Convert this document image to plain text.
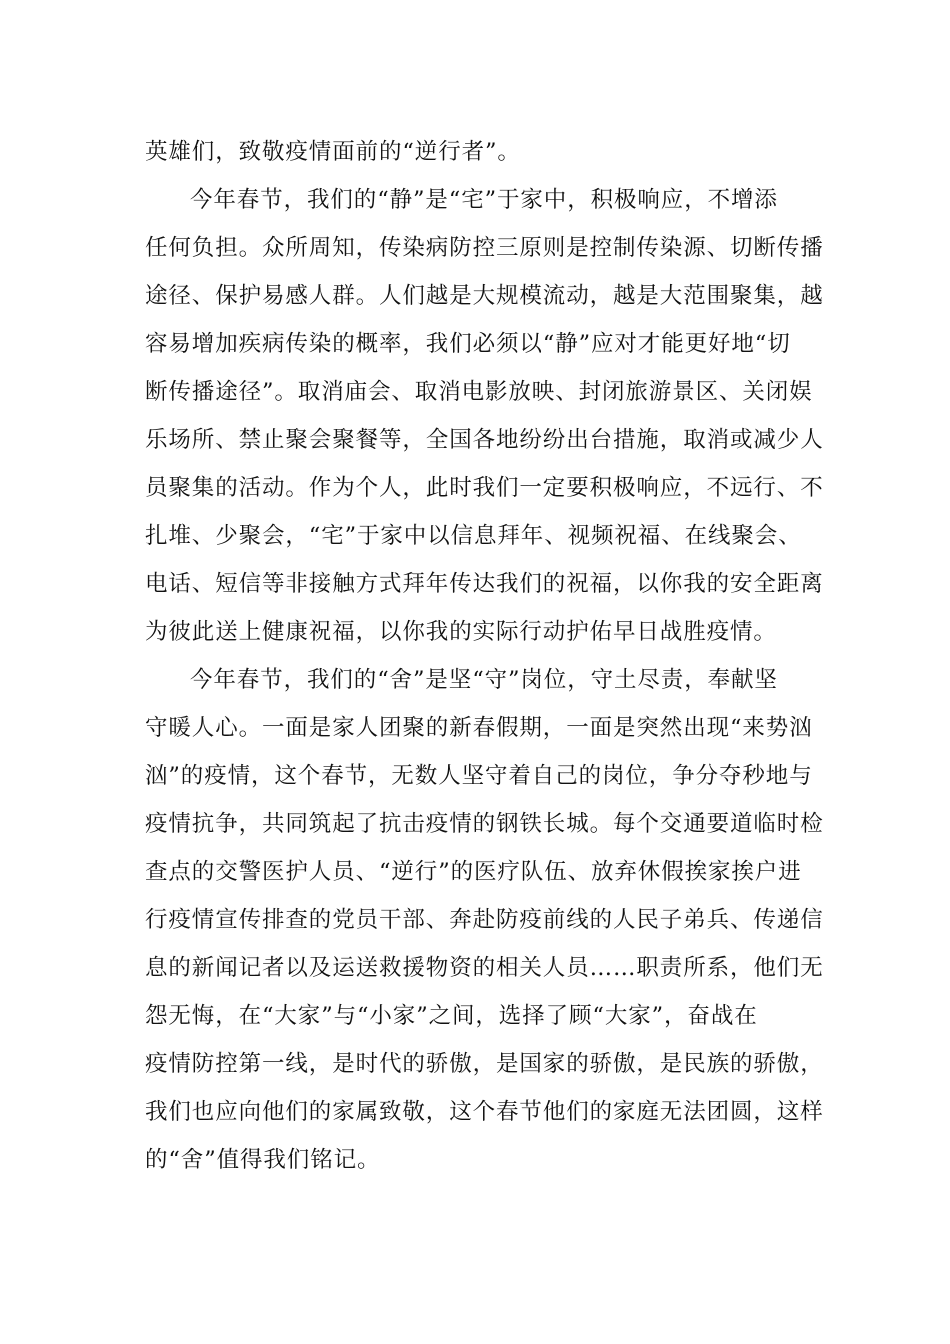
英雄们，致敬疫情面前的“逆行者”。
今年春节，我们的“静”是“宅”于家中，积极响应，不增添
任何负担。众所周知，传染病防控三原则是控制传染源、切断传播
途径、保护易感人群。人们越是大规模流动，越是大范围聚集，越
容易增加疾病传染的概率，我们必须以“静”应对才能更好地“切
断传播途径”。取消庙会、取消电影放映、封闭旅游景区、关闭娱
乐场所、禁止聚会聚餐等，全国各地纷纷出台措施，取消或减少人
员聚集的活动。作为个人，此时我们一定要积极响应，不远行、不
扎堆、少聚会，“宅”于家中以信息拜年、视频祝福、在线聚会、
电话、短信等非接触方式拜年传达我们的祝福，以你我的安全距离
为彼此送上健康祝福，以你我的实际行动护佑早日战胜疫情。
今年春节，我们的“舍”是坚“守”岗位，守土尽责，奉献坚
守暖人心。一面是家人团聚的新春假期，一面是突然出现“来势汹
汹”的疫情，这个春节，无数人坚守着自己的岗位，争分夺秒地与
疫情抗争，共同筑起了抗击疫情的钢铁长城。每个交通要道临时检
查点的交警医护人员、“逆行”的医疗队伍、放弃休假挨家挨户进
行疫情宣传排查的党员干部、奔赴防疫前线的人民子弟兵、传递信
息的新闻记者以及运送救援物资的相关人员……职责所系，他们无
怨无悔，在“大家”与“小家”之间，选择了顾“大家”，奋战在
疫情防控第一线，是时代的骄傲，是国家的骄傲，是民族的骄傲，
我们也应向他们的家属致敬，这个春节他们的家庭无法团圆，这样
的“舍”值得我们铭记。
